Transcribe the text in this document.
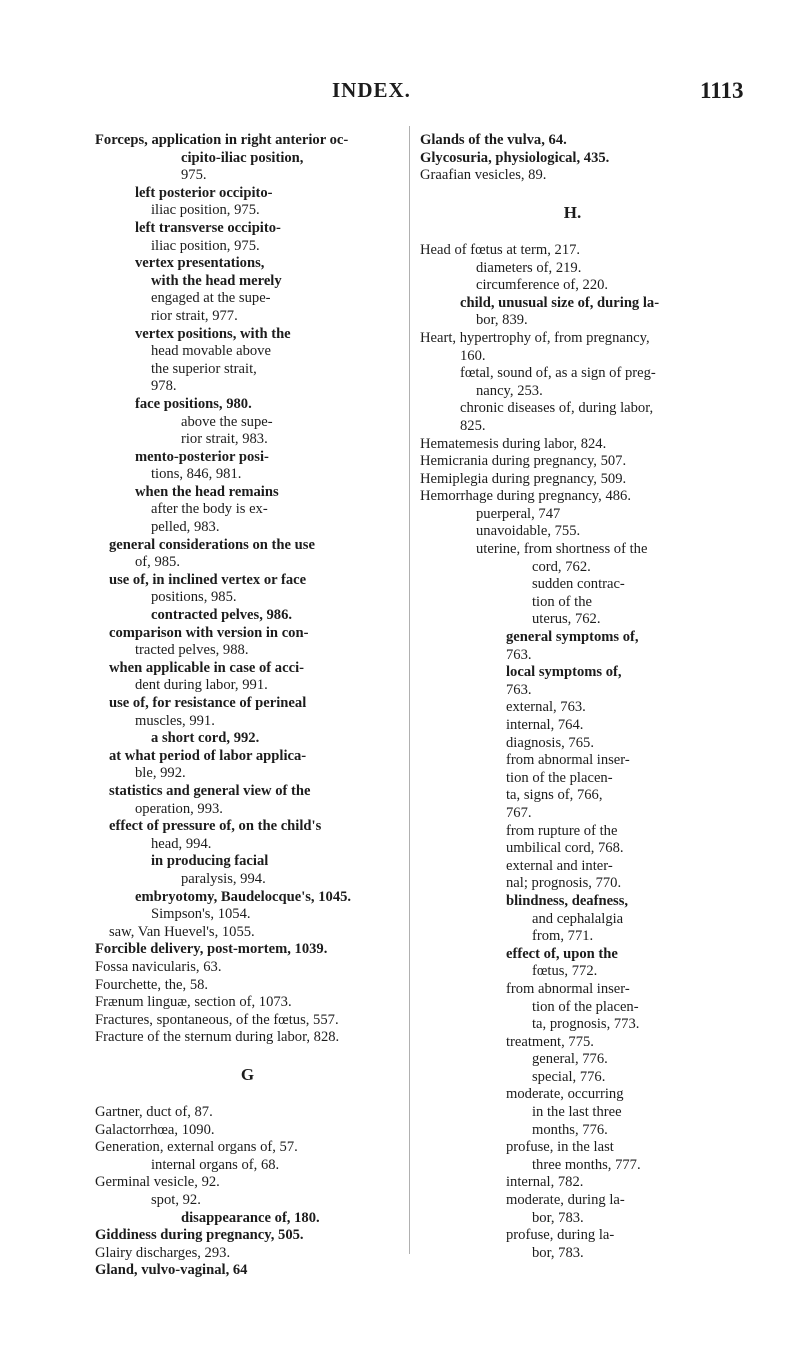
INDEX.	1113
Forceps, application in right anterior oc-
cipito-iliac position,
975.
left posterior occipito-
iliac position, 975.
left transverse occipito-
iliac position, 975.
vertex presentations,
with the head merely
engaged at the supe-
rior strait, 977.
vertex positions, with the
head movable above
the superior strait,
978.
face positions, 980.
above the supe-
rior strait, 983.
mento-posterior posi-
tions, 846, 981.
when the head remains
after the body is ex-
pelled, 983.
general considerations on the use
of, 985.
use of, in inclined vertex or face
positions, 985.
contracted pelves, 986.
comparison with version in con-
tracted pelves, 988.
when applicable in case of acci-
dent during labor, 991.
use of, for resistance of perineal
muscles, 991.
a short cord, 992.
at what period of labor applica-
ble, 992.
statistics and general view of the
operation, 993.
effect of pressure of, on the child's
head, 994.
in producing facial
paralysis, 994.
embryotomy, Baudelocque's, 1045.
Simpson's, 1054.
saw, Van Huevel's, 1055.
Forcible delivery, post-mortem, 1039.
Fossa navicularis, 63.
Fourchette, the, 58.
Frænum linguæ, section of, 1073.
Fractures, spontaneous, of the fœtus, 557.
Fracture of the sternum during labor, 828.
G
Gartner, duct of, 87.
Galactorrhœa, 1090.
Generation, external organs of, 57.
internal organs of, 68.
Germinal vesicle, 92.
spot, 92.
disappearance of, 180.
Giddiness during pregnancy, 505.
Glairy discharges, 293.
Gland, vulvo-vaginal, 64
Glands of the vulva, 64.
Glycosuria, physiological, 435.
Graafian vesicles, 89.
H.
Head of fœtus at term, 217.
diameters of, 219.
circumference of, 220.
child, unusual size of, during la-
bor, 839.
Heart, hypertrophy of, from pregnancy,
160.
fœtal, sound of, as a sign of preg-
nancy, 253.
chronic diseases of, during labor,
825.
Hematemesis during labor, 824.
Hemicrania during pregnancy, 507.
Hemiplegia during pregnancy, 509.
Hemorrhage during pregnancy, 486.
puerperal, 747
unavoidable, 755.
uterine, from shortness of the
cord, 762.
sudden contrac-
tion of the
uterus, 762.
general symptoms of,
763.
local symptoms of,
763.
external, 763.
internal, 764.
diagnosis, 765.
from abnormal inser-
tion of the placen-
ta, signs of, 766,
767.
from rupture of the
umbilical cord, 768.
external and inter-
nal; prognosis, 770.
blindness, deafness,
and cephalalgia
from, 771.
effect of, upon the
fœtus, 772.
from abnormal inser-
tion of the placen-
ta, prognosis, 773.
treatment, 775.
general, 776.
special, 776.
moderate, occurring
in the last three
months, 776.
profuse, in the last
three months, 777.
internal, 782.
moderate, during la-
bor, 783.
profuse, during la-
bor, 783.
